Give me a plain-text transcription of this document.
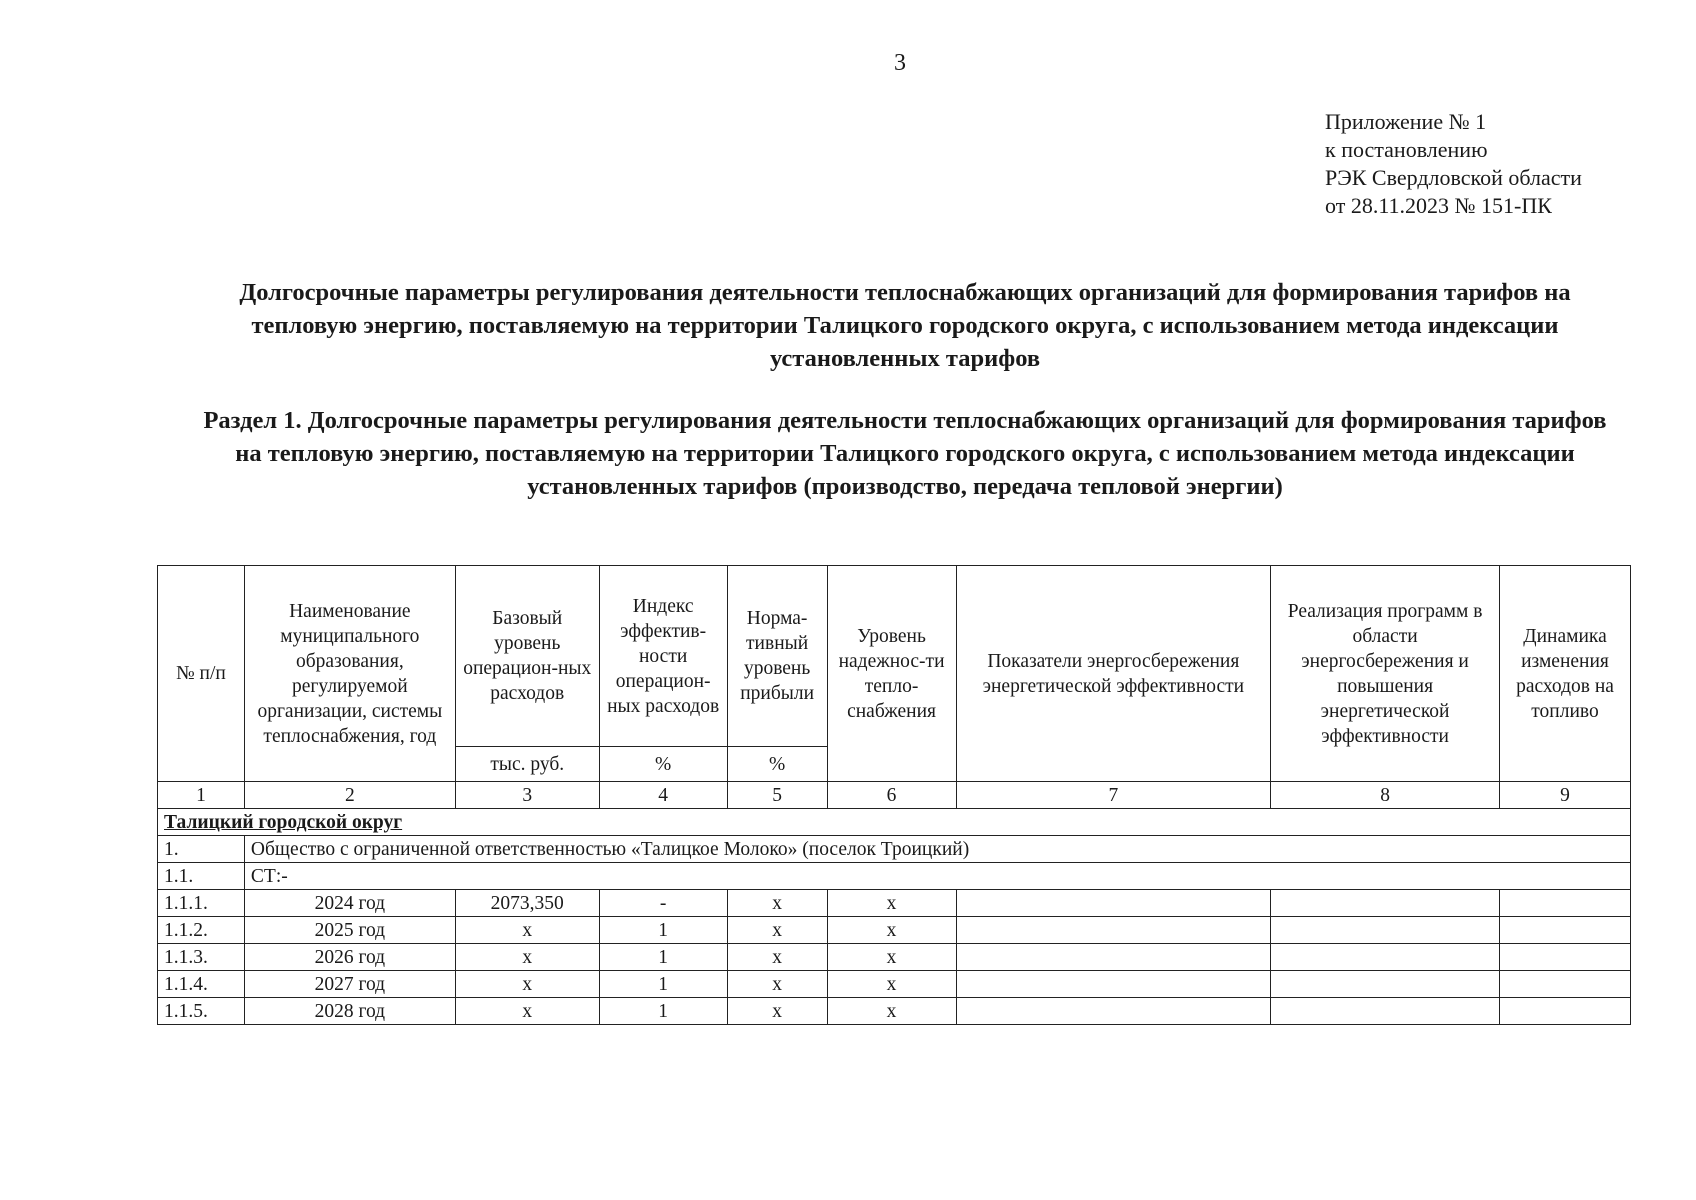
3
Приложение № 1
к постановлению
РЭК Свердловской области
от 28.11.2023 № 151-ПК
Долгосрочные параметры регулирования деятельности теплоснабжающих организаций для формирования тарифов на тепловую энергию, поставляемую на территории Талицкого городского округа, с использованием метода индексации установленных тарифов
Раздел 1. Долгосрочные параметры регулирования деятельности теплоснабжающих организаций для формирования тарифов на тепловую энергию, поставляемую на территории Талицкого городского округа, с использованием метода индексации установленных тарифов (производство, передача тепловой энергии)
№ п/п	Наименование муниципального образования, регулируемой организации, системы теплоснабжения, год	Базовый уровень операцион-ных расходов	Индекс эффектив-ности операцион-ных расходов	Норма-тивный уровень прибыли	Уровень надежнос-ти тепло-снабжения	Показатели энергосбережения энергетической эффективности	Реализация программ в области энергосбережения и повышения энергетической эффективности	Динамика изменения расходов на топливо
		тыс. руб.	%	%				
1	2	3	4	5	6	7	8	9
Талицкий городской округ								
1.	Общество с ограниченной ответственностью «Талицкое Молоко» (поселок Троицкий)							
1.1.	СТ:-							
1.1.1.	2024 год	2073,350	-	х	х			
1.1.2.	2025 год	х	1	х	х			
1.1.3.	2026 год	х	1	х	х			
1.1.4.	2027 год	х	1	х	х			
1.1.5.	2028 год	х	1	х	х			
